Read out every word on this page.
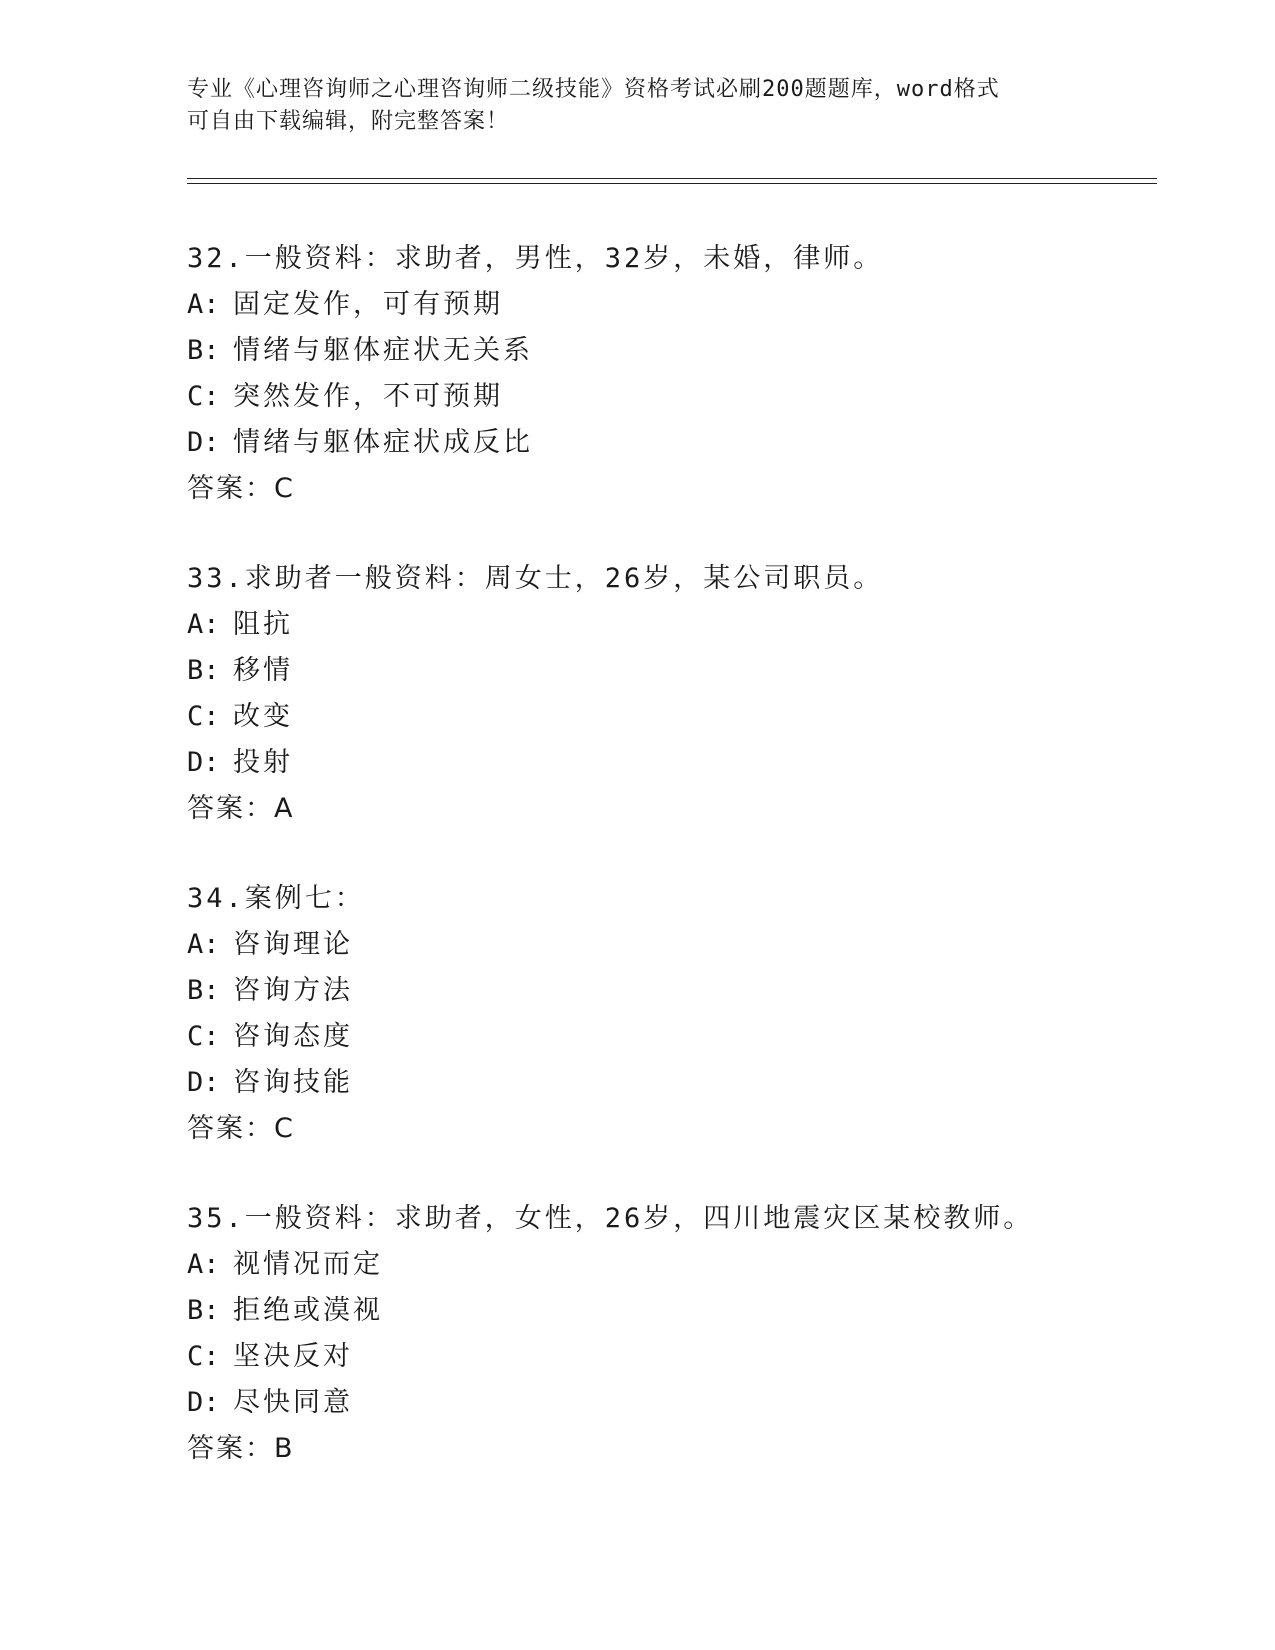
专业《心理咨询师之心理咨询师二级技能》资格考试必刷200题题库，word格式
可自由下载编辑，附完整答案！
32.一般资料：求助者，男性，32岁，未婚，律师。
A: 固定发作，可有预期
B: 情绪与躯体症状无关系
C: 突然发作，不可预期
D: 情绪与躯体症状成反比
答案：C
33.求助者一般资料：周女士，26岁，某公司职员。
A: 阻抗
B: 移情
C: 改变
D: 投射
答案：A
34.案例七：
A: 咨询理论
B: 咨询方法
C: 咨询态度
D: 咨询技能
答案：C
35.一般资料：求助者，女性，26岁，四川地震灾区某校教师。
A: 视情况而定
B: 拒绝或漠视
C: 坚决反对
D: 尽快同意
答案：B
